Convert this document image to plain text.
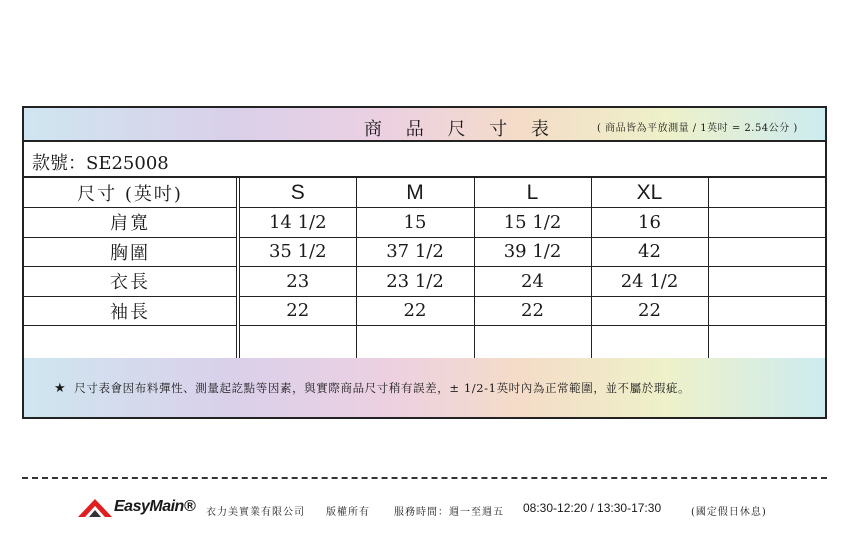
商 品 尺 寸 表	( 商品皆為平放測量 / 1英吋 = 2.54公分 )
款號：SE25008
尺寸 (英吋)	S	M	L	XL	
肩寬	14 1/2	15	15 1/2	16	
胸圍	35 1/2	37 1/2	39 1/2	42	
衣長	23	23 1/2	24	24 1/2	
袖長	22	22	22	22	

★ 尺寸表會因布料彈性、測量起訖點等因素，與實際商品尺寸稍有誤差，± 1/2-1英吋內為正常範圍，並不屬於瑕疵。
EasyMain® 衣力美實業有限公司 版權所有 服務時間：週一至週五 08:30-12:20 / 13:30-17:30	(國定假日休息)
